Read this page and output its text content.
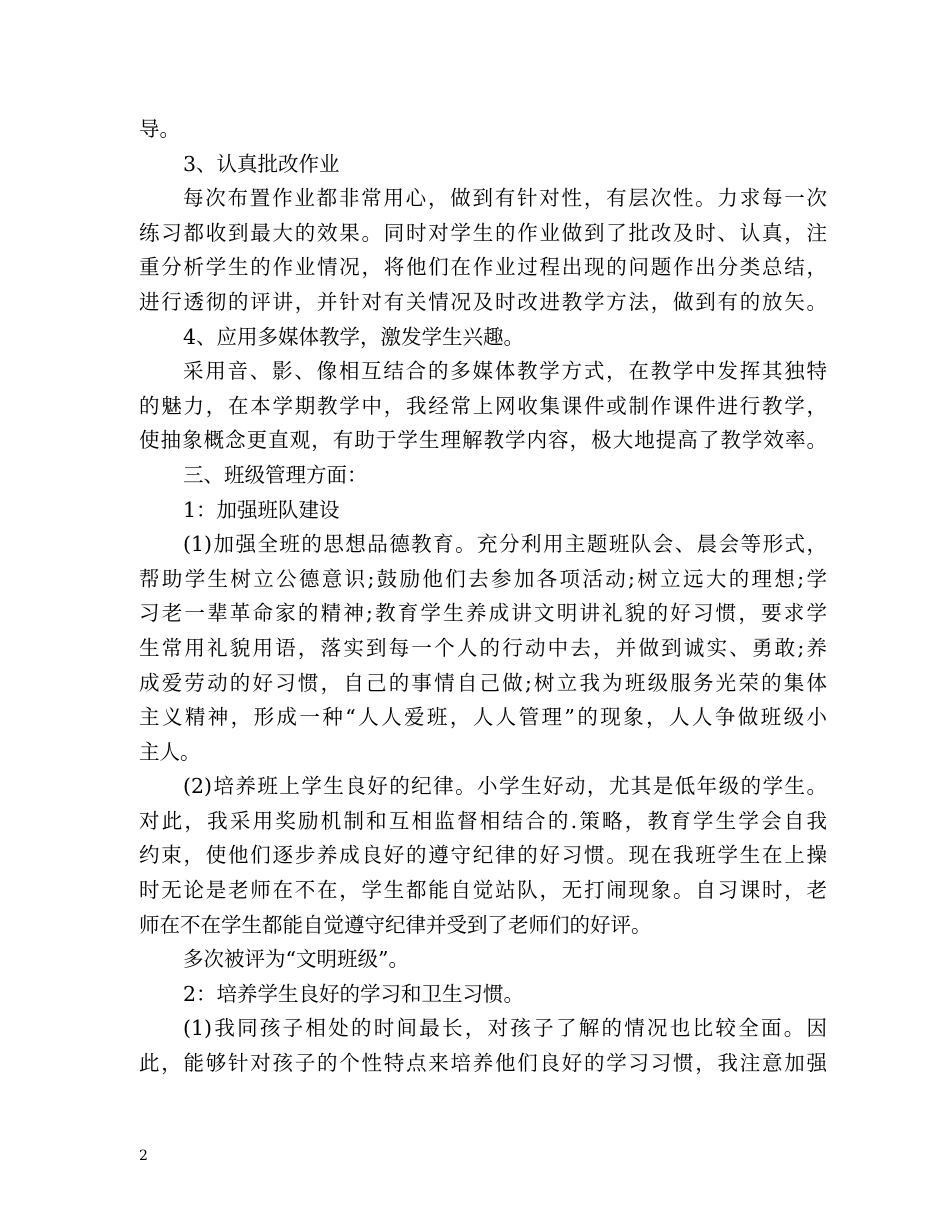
导。
3、认真批改作业
每次布置作业都非常用心，做到有针对性，有层次性。力求每一次
练习都收到最大的效果。同时对学生的作业做到了批改及时、认真，注
重分析学生的作业情况，将他们在作业过程出现的问题作出分类总结，
进行透彻的评讲，并针对有关情况及时改进教学方法，做到有的放矢。
4、应用多媒体教学，激发学生兴趣。
采用音、影、像相互结合的多媒体教学方式，在教学中发挥其独特
的魅力，在本学期教学中，我经常上网收集课件或制作课件进行教学，
使抽象概念更直观，有助于学生理解教学内容，极大地提高了教学效率。
三、班级管理方面：
1：加强班队建设
(1)加强全班的思想品德教育。充分利用主题班队会、晨会等形式，
帮助学生树立公德意识;鼓励他们去参加各项活动;树立远大的理想;学
习老一辈革命家的精神;教育学生养成讲文明讲礼貌的好习惯，要求学
生常用礼貌用语，落实到每一个人的行动中去，并做到诚实、勇敢;养
成爱劳动的好习惯，自己的事情自己做;树立我为班级服务光荣的集体
主义精神，形成一种“人人爱班，人人管理”的现象，人人争做班级小
主人。
(2)培养班上学生良好的纪律。小学生好动，尤其是低年级的学生。
对此，我采用奖励机制和互相监督相结合的.策略，教育学生学会自我
约束，使他们逐步养成良好的遵守纪律的好习惯。现在我班学生在上操
时无论是老师在不在，学生都能自觉站队，无打闹现象。自习课时，老
师在不在学生都能自觉遵守纪律并受到了老师们的好评。
多次被评为“文明班级”。
2：培养学生良好的学习和卫生习惯。
(1)我同孩子相处的时间最长，对孩子了解的情况也比较全面。因
此，能够针对孩子的个性特点来培养他们良好的学习习惯，我注意加强
2
